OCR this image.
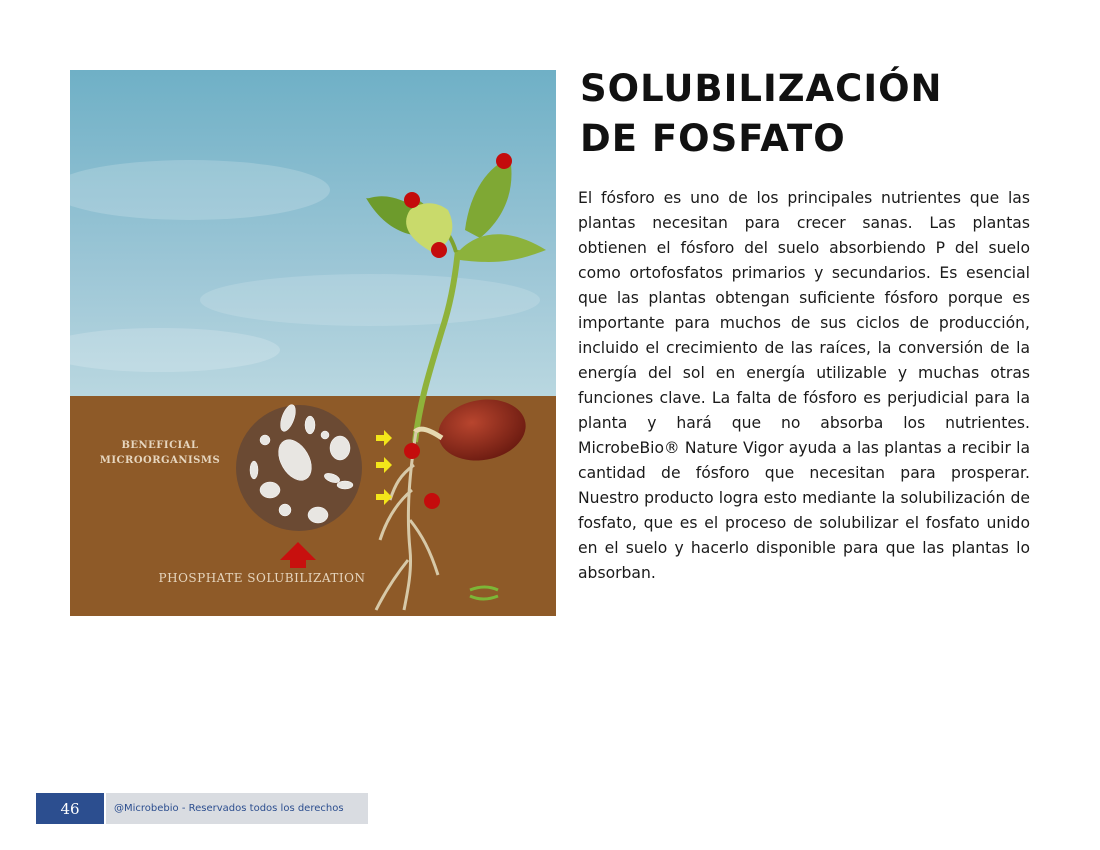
BENEFICIAL
MICROORGANISMS
PHOSPHATE SOLUBILIZATION
SOLUBILIZACIÓN
DE FOSFATO

El fósforo es uno de los principales nutrientes que las plantas necesitan para crecer sanas. Las plantas obtienen el fósforo del suelo absorbiendo P del suelo como ortofosfatos primarios y secundarios. Es esencial que las plantas obtengan suficiente fósforo porque es importante para muchos de sus ciclos de producción, incluido el crecimiento de las raíces, la conversión de la energía del sol en energía utilizable y muchas otras funciones clave. La falta de fósforo es perjudicial para la planta y hará que no absorba los nutrientes. MicrobeBio® Nature Vigor ayuda a las plantas a recibir la cantidad de fósforo que necesitan para prosperar. Nuestro producto logra esto mediante la solubilización de fosfato, que es el proceso de solubilizar el fosfato unido en el suelo y hacerlo disponible para que las plantas lo absorban.

46	@Microbebio - Reservados todos los derechos
